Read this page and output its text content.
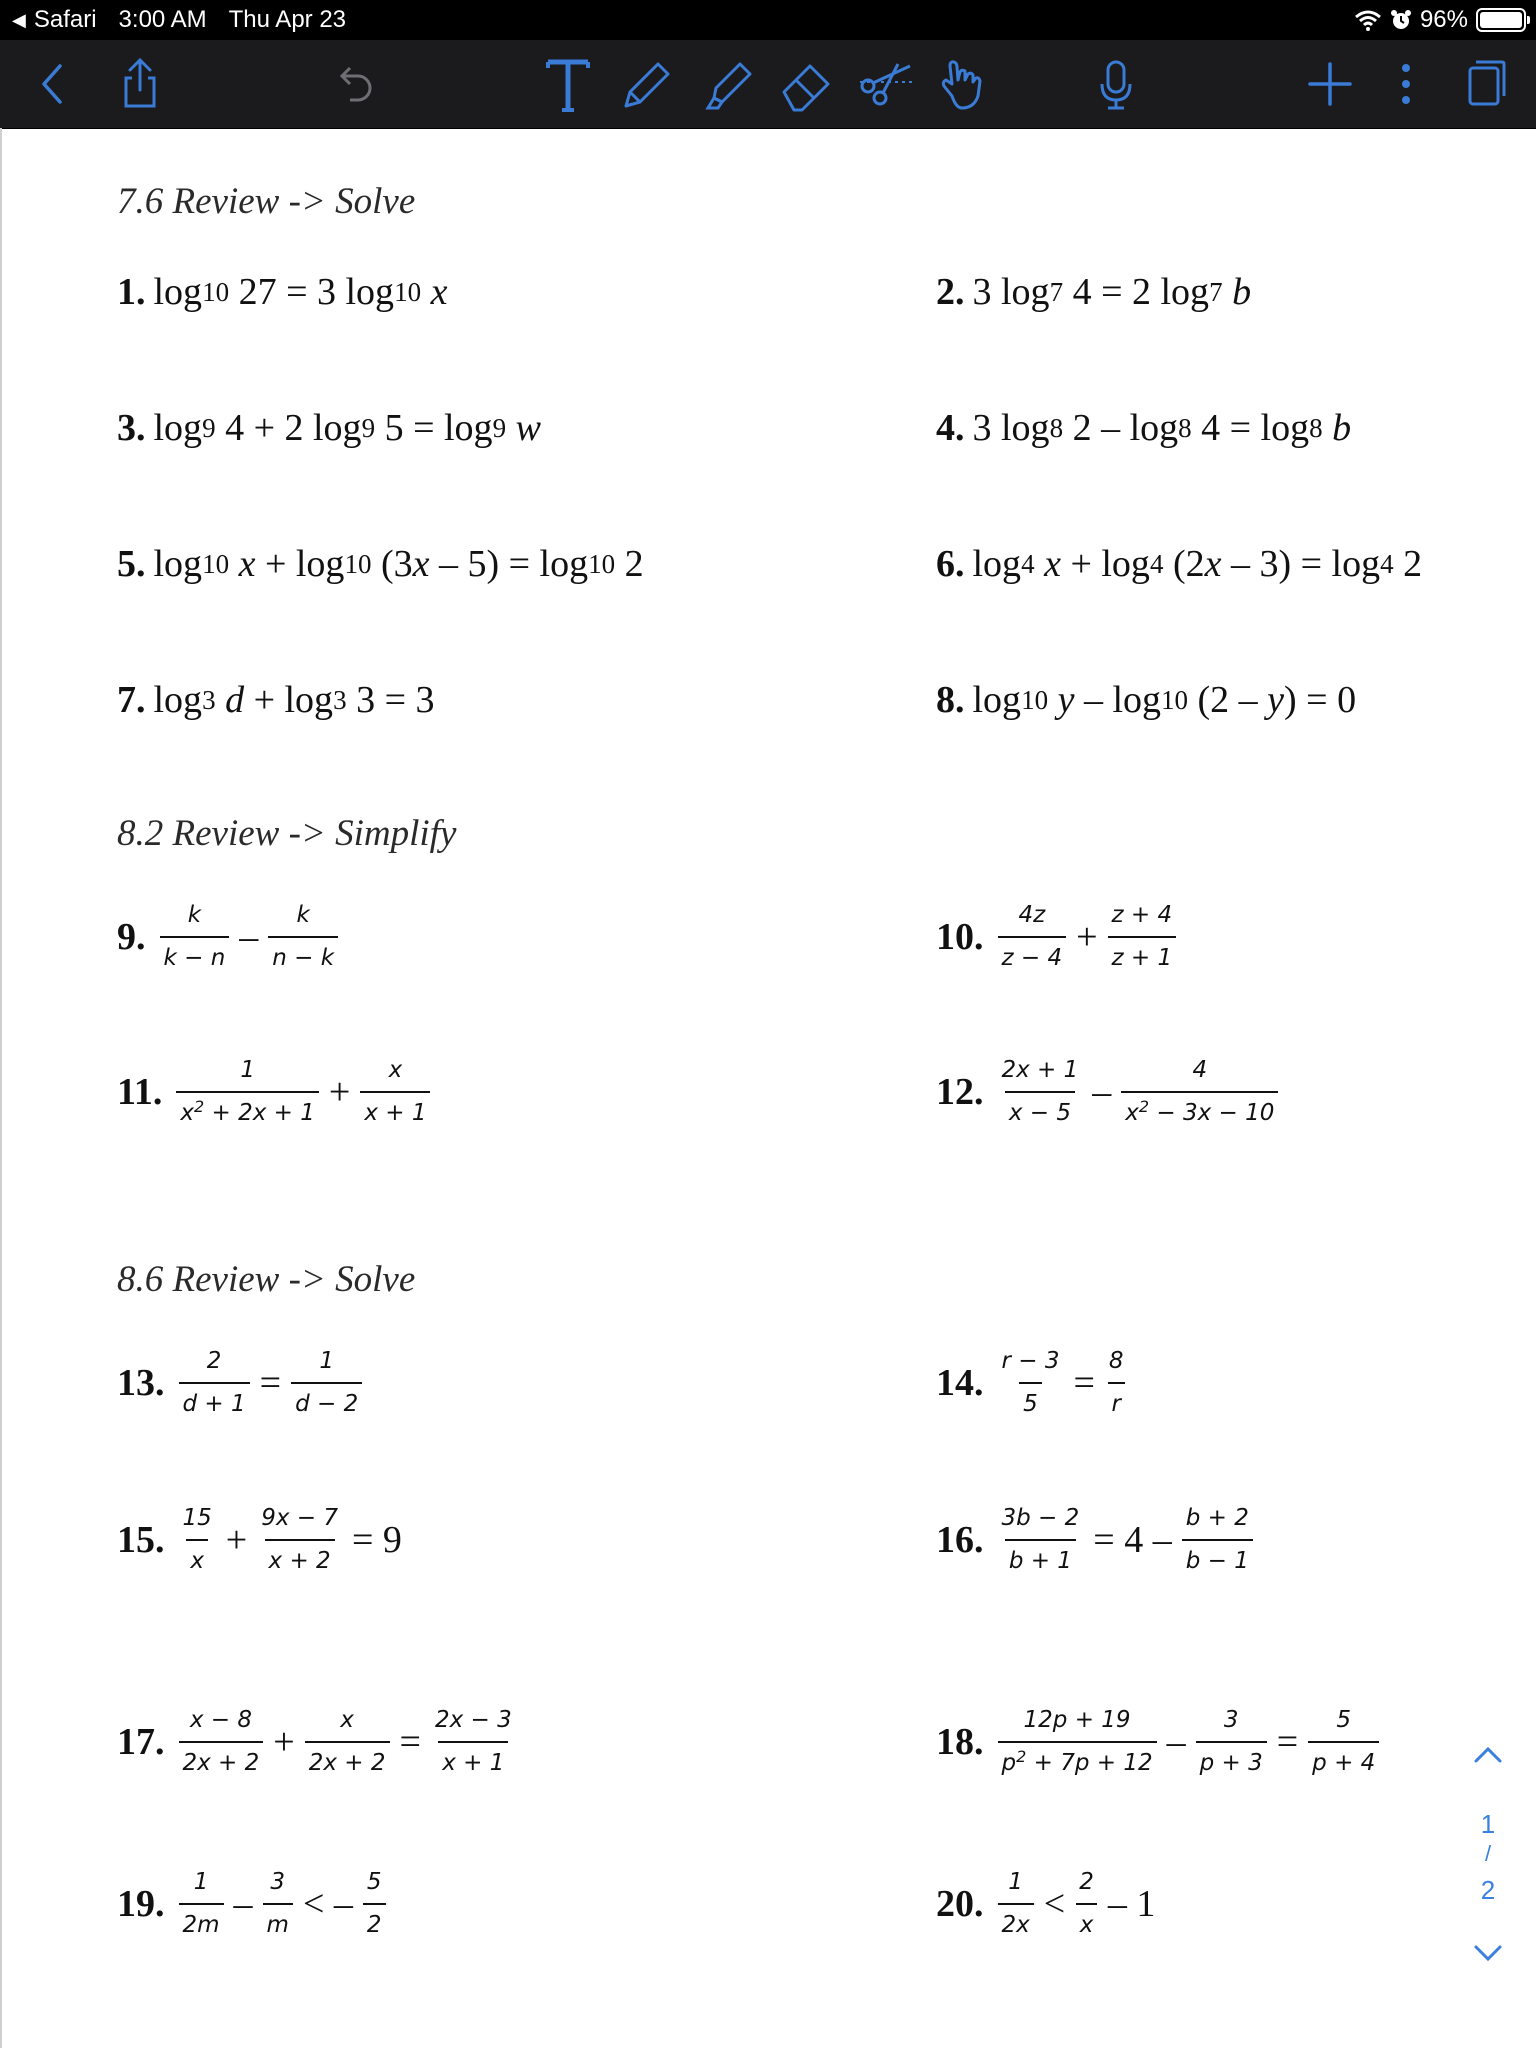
◀ Safari 3:00 AM Thu Apr 23	96%
7.6 Review -> Solve
1. log 10
27 = 3 log 10
x	2. 3 log 7
4 = 2 log 7
b
3. log 9
4 + 2 log 9
5 = log 9
w	4. 3 log 8
2 – log 8
4 = log 8
b
5. log 10
x
+ log 10
(3 x
– 5) = log 10
2	6. log 4
x
+ log 4
(2 x
– 3) = log 4
2
7. log 3
d
+ log 3
3 = 3	8. log 10
y
– log 10
(2 –
y ) = 0
8.2 Review -> Simplify
9. $\frac{k}{k - n} - \frac{k}{n - k}$	10. $\frac{4z}{z - 4} + \frac{z + 4}{z + 1}$
11. $\frac{1}{x^2 + 2x + 1} + \frac{x}{x + 1}$	12. $\frac{2x + 1}{x - 5} - \frac{4}{x^2 - 3x - 10}$
8.6 Review -> Solve
13. $\frac{2}{d + 1} = \frac{1}{d - 2}$	14. $\frac{r - 3}{5} = \frac{8}{r}$
15. $\frac{15}{x} + \frac{9x - 7}{x + 2} = 9$	16. $\frac{3b - 2}{b + 1} = 4 - \frac{b + 2}{b - 1}$
17. $\frac{x - 8}{2x + 2} + \frac{x}{2x + 2} = \frac{2x - 3}{x + 1}$	18. $\frac{12p + 19}{p^2 + 7p + 12} - \frac{3}{p + 3} = \frac{5}{p + 4}$
19. $\frac{1}{2m} - \frac{3}{m}$ < – $\frac{5}{2}$	20. $\frac{1}{2x} < \frac{2}{x} - 1$
1
/
2
